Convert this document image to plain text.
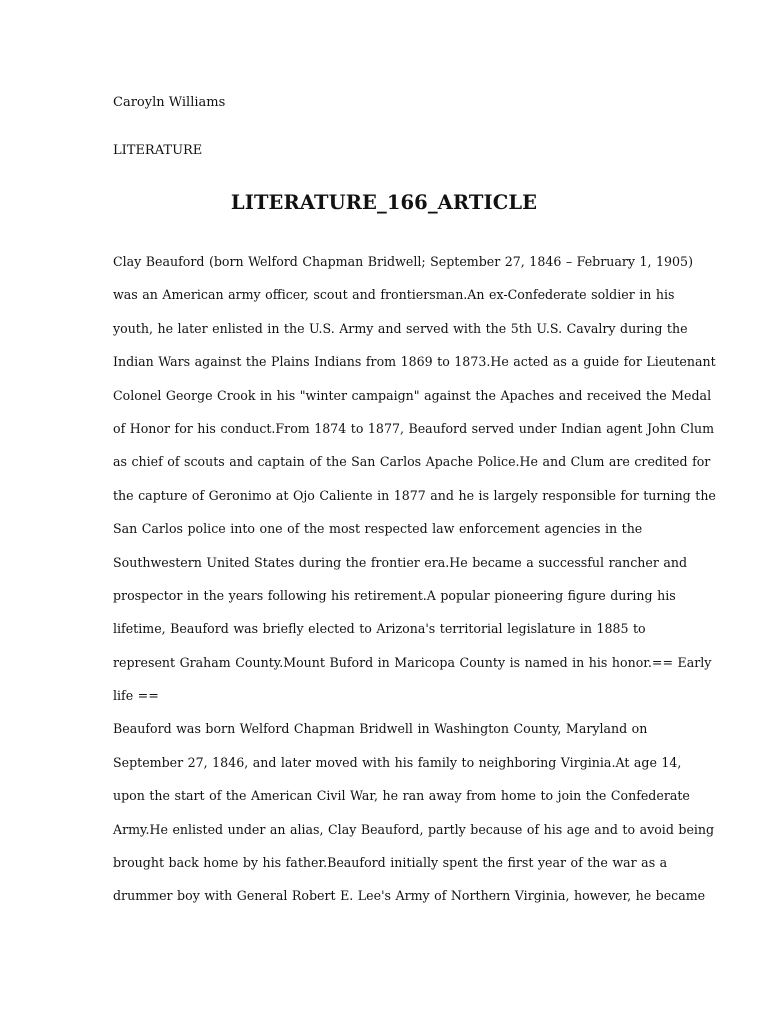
Caroyln Williams
LITERATURE
LITERATURE_166_ARTICLE
Clay Beauford (born Welford Chapman Bridwell; September 27, 1846 – February 1, 1905)
was an American army officer, scout and frontiersman.An ex-Confederate soldier in his
youth, he later enlisted in the U.S. Army and served with the 5th U.S. Cavalry during the
Indian Wars against the Plains Indians from 1869 to 1873.He acted as a guide for Lieutenant
Colonel George Crook in his "winter campaign" against the Apaches and received the Medal
of Honor for his conduct.From 1874 to 1877, Beauford served under Indian agent John Clum
as chief of scouts and captain of the San Carlos Apache Police.He and Clum are credited for
the capture of Geronimo at Ojo Caliente in 1877 and he is largely responsible for turning the
San Carlos police into one of the most respected law enforcement agencies in the
Southwestern United States during the frontier era.He became a successful rancher and
prospector in the years following his retirement.A popular pioneering figure during his
lifetime, Beauford was briefly elected to Arizona's territorial legislature in 1885 to
represent Graham County.Mount Buford in Maricopa County is named in his honor.== Early
life ==
Beauford was born Welford Chapman Bridwell in Washington County, Maryland on
September 27, 1846, and later moved with his family to neighboring Virginia.At age 14,
upon the start of the American Civil War, he ran away from home to join the Confederate
Army.He enlisted under an alias, Clay Beauford, partly because of his age and to avoid being
brought back home by his father.Beauford initially spent the first year of the war as a
drummer boy with General Robert E. Lee's Army of Northern Virginia, however, he became
